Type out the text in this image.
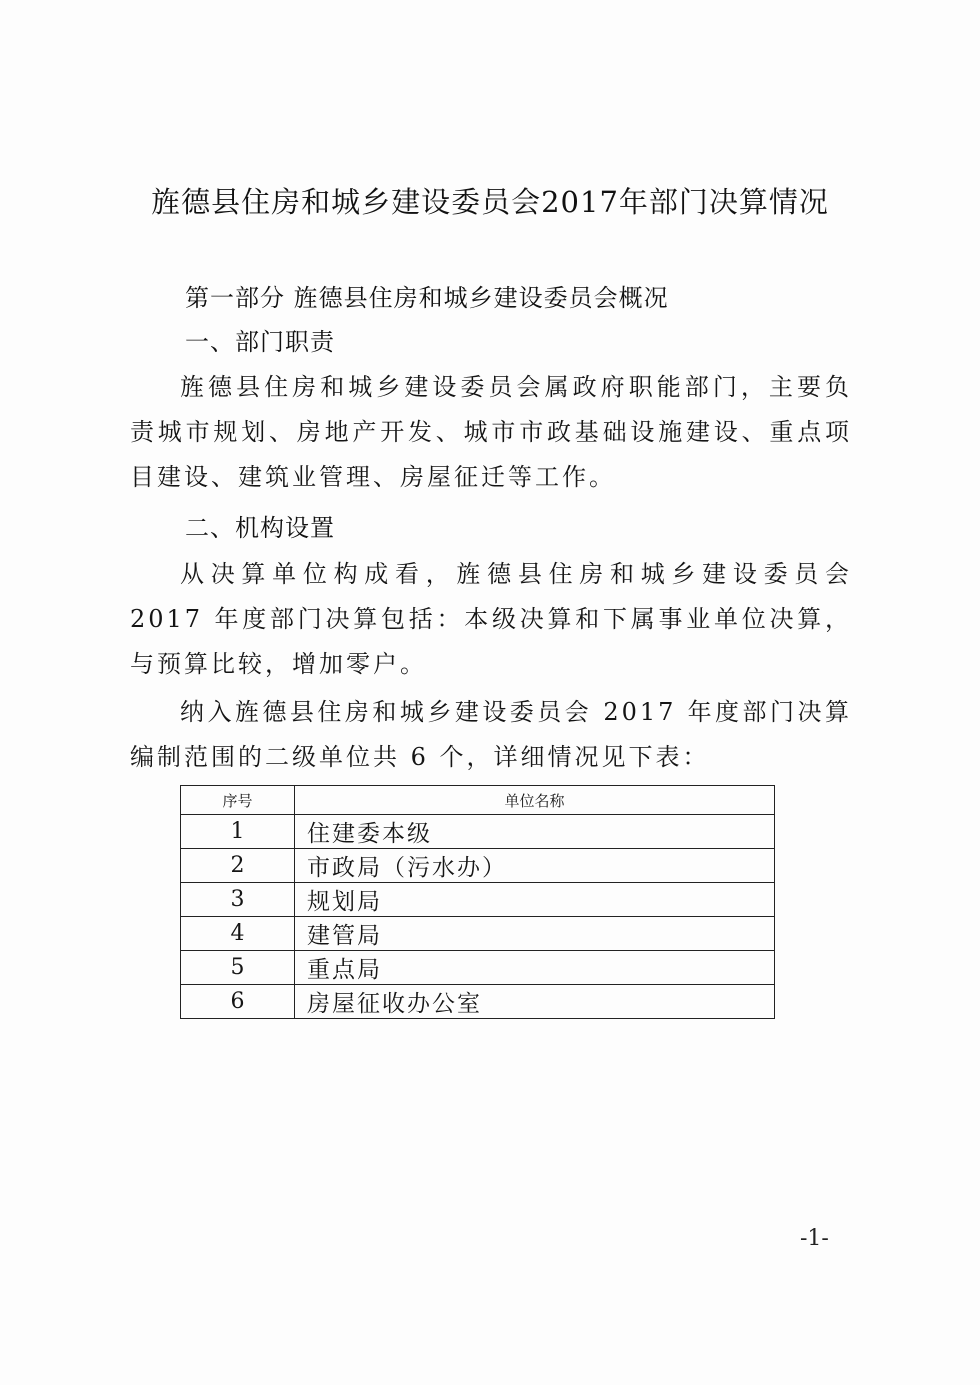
旌德县住房和城乡建设委员会2017年部门决算情况
第一部分 旌德县住房和城乡建设委员会概况
一、部门职责
旌德县住房和城乡建设委员会属政府职能部门，主要负责城市规划、房地产开发、城市市政基础设施建设、重点项目建设、建筑业管理、房屋征迁等工作。
二、机构设置
从决算单位构成看，旌德县住房和城乡建设委员会 2017 年度部门决算包括：本级决算和下属事业单位决算，与预算比较，增加零户。
纳入旌德县住房和城乡建设委员会 2017 年度部门决算编制范围的二级单位共 6 个，详细情况见下表：
序号	单位名称
1	住建委本级
2	市政局（污水办）
3	规划局
4	建管局
5	重点局
6	房屋征收办公室
-1-
